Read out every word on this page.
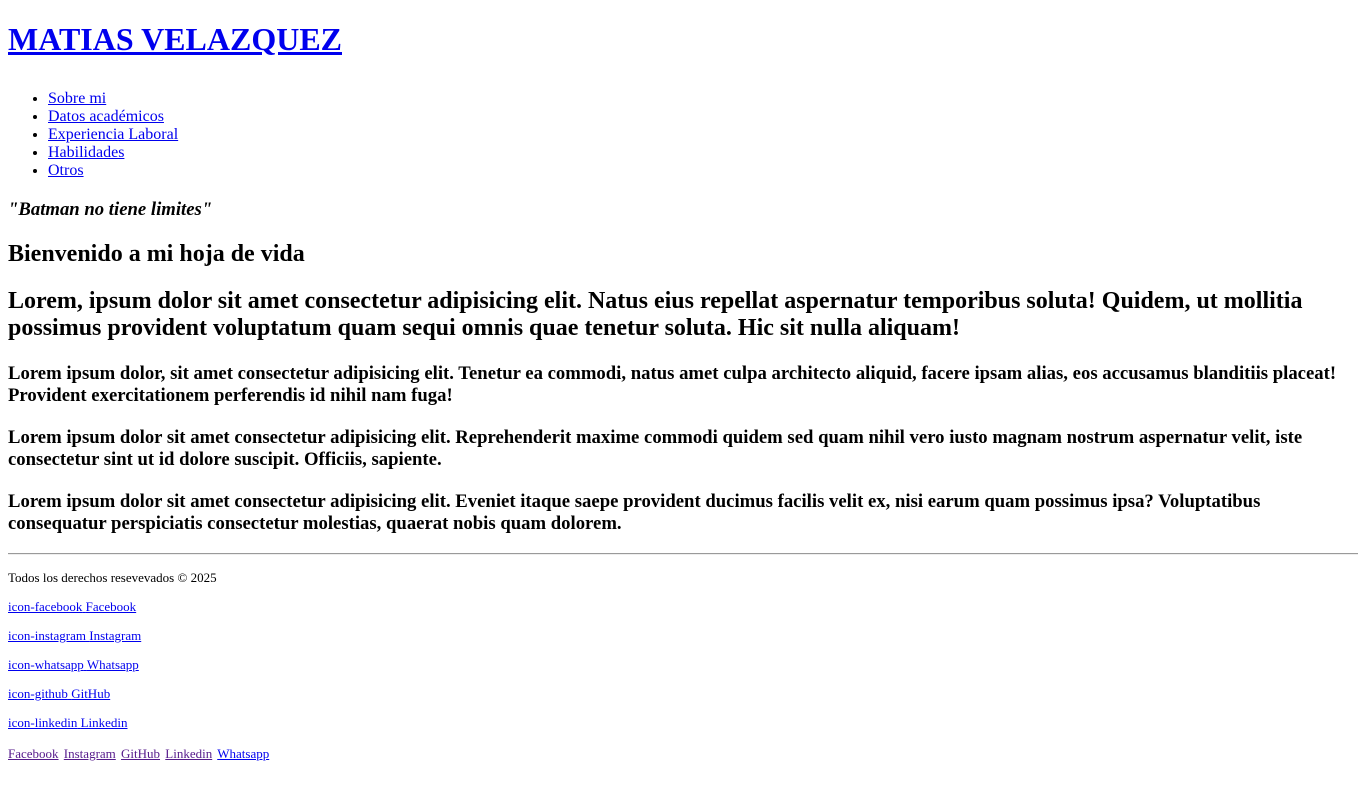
MATIAS VELAZQUEZ
• Sobre mi
• Datos académicos
• Experiencia Laboral
• Habilidades
• Otros
"Batman no tiene limites"
Bienvenido a mi hoja de vida
Lorem, ipsum dolor sit amet consectetur adipisicing elit. Natus eius repellat aspernatur temporibus soluta! Quidem, ut mollitia possimus provident voluptatum quam sequi omnis quae tenetur soluta. Hic sit nulla aliquam!
Lorem ipsum dolor, sit amet consectetur adipisicing elit. Tenetur ea commodi, natus amet culpa architecto aliquid, facere ipsam alias, eos accusamus blanditiis placeat! Provident exercitationem perferendis id nihil nam fuga!
Lorem ipsum dolor sit amet consectetur adipisicing elit. Reprehenderit maxime commodi quidem sed quam nihil vero iusto magnam nostrum aspernatur velit, iste consectetur sint ut id dolore suscipit. Officiis, sapiente.
Lorem ipsum dolor sit amet consectetur adipisicing elit. Eveniet itaque saepe provident ducimus facilis velit ex, nisi earum quam possimus ipsa? Voluptatibus consequatur perspiciatis consectetur molestias, quaerat nobis quam dolorem.

Todos los derechos resevevados © 2025

icon-facebook Facebook
icon-instagram Instagram
icon-whatsapp Whatsapp
icon-github GitHub
icon-linkedin Linkedin
Facebook Instagram GitHub Linkedin Whatsapp
